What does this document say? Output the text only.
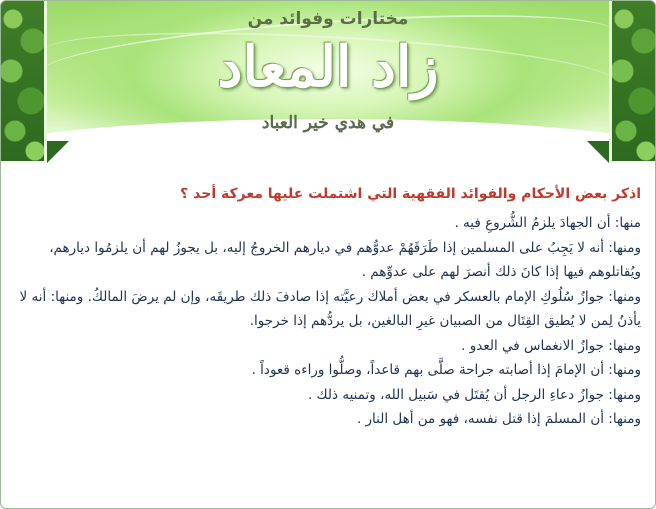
مختارات وفوائد من
زاد المعاد
في هدي خير العباد
اذكر بعض الأحكام والفوائد الفقهية التي اشتملت عليها معركة أحد ؟

منها: أن الجهادَ يلزمُ الشُّروعِ فيه .

ومنها: أنه لا يَجِبُ على المسلمين إذا طَرَقَهُمْ عدوُّهم في ديارهم الخروجُ إليه، بل يجوزُ لهم أن يلزمُوا ديارهم، ويُقاتلوهم فيها إذا كانَ ذلك أنصرَ لهم على عدوِّهم .

ومنها: جوازُ سُلُوكِ الإمام بالعسكر في بعض أملاك رعيَّته إذا صادفَ ذلك طريقَه، وإن لم يرضَ المالكُ. ومنها: أنه لا يأذنُ لِمن لا يُطيق القِتَال من الصبيان غيرِ البالغين، بل يردُّهم إذا خرجوا.

ومنها: جوازُ الانغماس في العدو .

ومنها: أن الإمامَ إذا أصابته جراحة صلَّى بهم قاعداً، وصلُّوا وراءه قعوداً .

ومنها: جوازُ دعاءِ الرجل أن يُقتَل في سَبيل الله، وتمنيه ذلك .

ومنها: أن المسلمَ إذا قتل نفسه، فهو من أهل النار .
